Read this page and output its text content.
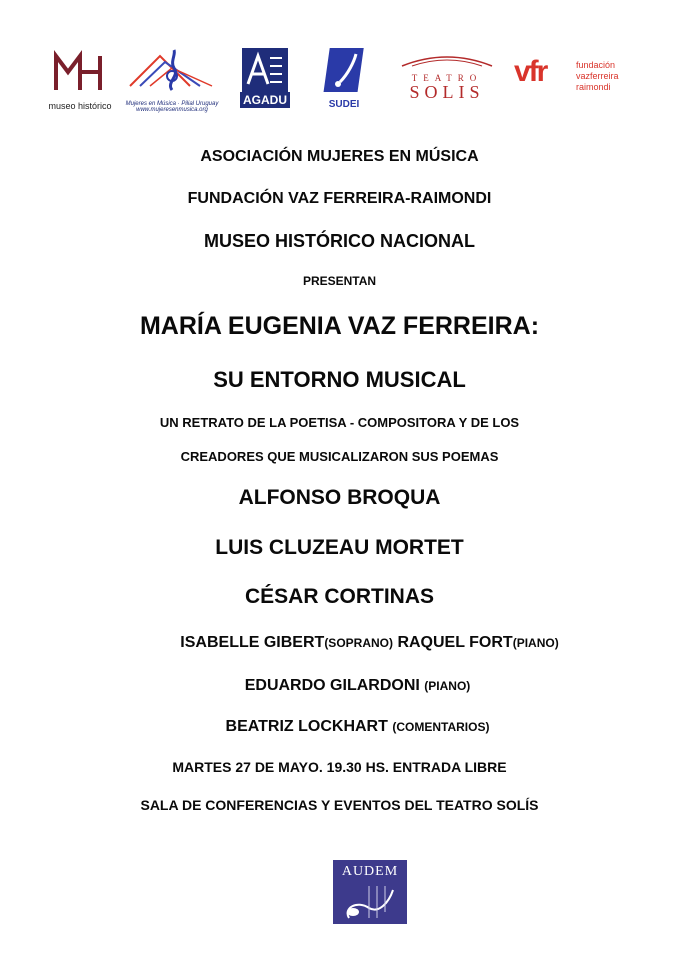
museo histórico	Mujeres en Música · Pilial Uruguay
www.mujeresenmusica.org
AGADU	SUDEI
TEATRO
SOLIS
vfr	fundación
vazferreira
raimondi
ASOCIACIÓN MUJERES EN MÚSICA
FUNDACIÓN VAZ FERREIRA-RAIMONDI
MUSEO HISTÓRICO NACIONAL
PRESENTAN
MARÍA EUGENIA VAZ FERREIRA:
SU ENTORNO MUSICAL
UN RETRATO DE LA POETISA - COMPOSITORA Y DE LOS
CREADORES QUE MUSICALIZARON SUS POEMAS
ALFONSO BROQUA
LUIS CLUZEAU MORTET
CÉSAR CORTINAS
ISABELLE GIBERT(SOPRANO) RAQUEL FORT(PIANO)
EDUARDO GILARDONI (PIANO)
BEATRIZ LOCKHART (COMENTARIOS)
MARTES 27 DE MAYO. 19.30 HS. ENTRADA LIBRE
SALA DE CONFERENCIAS Y EVENTOS DEL TEATRO SOLÍS
AUDEM
